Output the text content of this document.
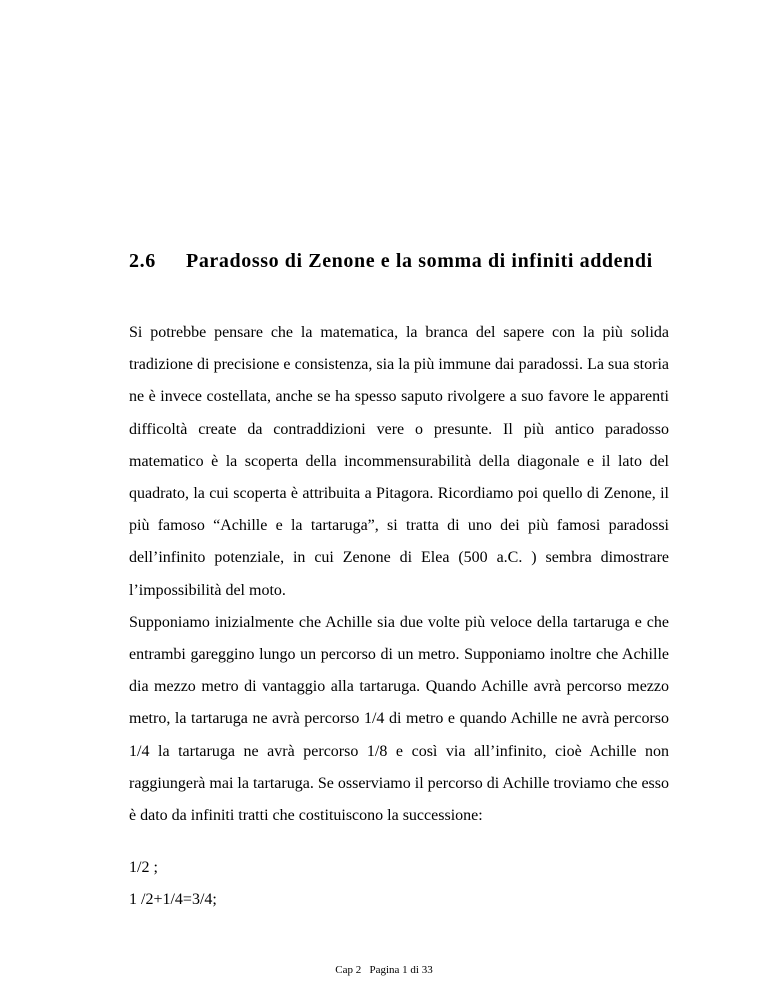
2.6 Paradosso di Zenone e la somma di infiniti addendi

Si potrebbe pensare che la matematica, la branca del sapere con la più solida tradizione di precisione e consistenza, sia la più immune dai paradossi. La sua storia ne è invece costellata, anche se ha spesso saputo rivolgere a suo favore le apparenti difficoltà create da contraddizioni vere o presunte. Il più antico paradosso matematico è la scoperta della incommensurabilità della diagonale e il lato del quadrato, la cui scoperta è attribuita a Pitagora. Ricordiamo poi quello di Zenone, il più famoso “Achille e la tartaruga”, si tratta di uno dei più famosi paradossi dell’infinito potenziale, in cui Zenone di Elea (500 a.C. ) sembra dimostrare l’impossibilità del moto.

Supponiamo inizialmente che Achille sia due volte più veloce della tartaruga e che entrambi gareggino lungo un percorso di un metro. Supponiamo inoltre che Achille dia mezzo metro di vantaggio alla tartaruga. Quando Achille avrà percorso mezzo metro, la tartaruga ne avrà percorso 1/4 di metro e quando Achille ne avrà percorso 1/4 la tartaruga ne avrà percorso 1/8 e così via all’infinito, cioè Achille non raggiungerà mai la tartaruga. Se osserviamo il percorso di Achille troviamo che esso è dato da infiniti tratti che costituiscono la successione:

1/2 ;
1 /2+1/4=3/4;
Cap 2 Pagina 1 di 33
